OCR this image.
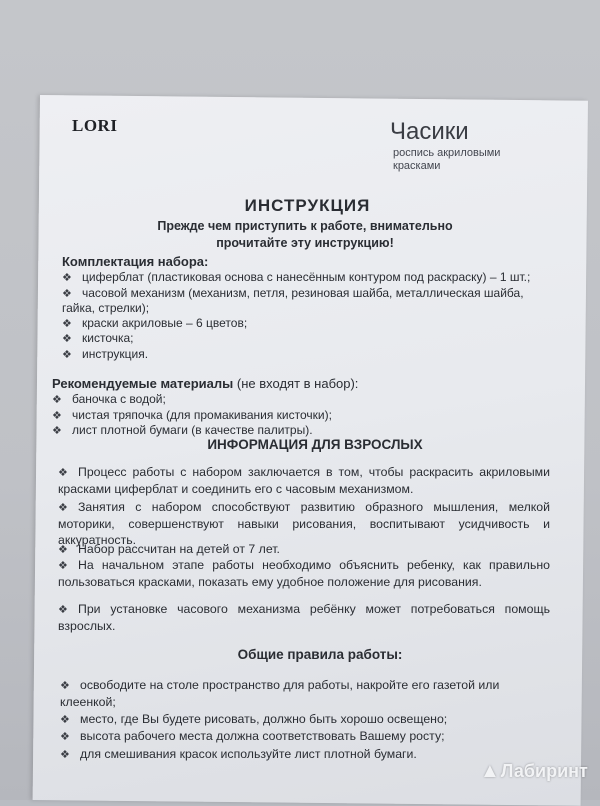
LORI	Часики
роспись акриловыми красками
ИНСТРУКЦИЯ
Прежде чем приступить к работе, внимательно прочитайте эту инструкцию!
Комплектация набора:
❖ циферблат (пластиковая основа с нанесённым контуром под раскраску) – 1 шт.;
❖ часовой механизм (механизм, петля, резиновая шайба, металлическая шайба, гайка, стрелки);
❖ краски акриловые – 6 цветов;
❖ кисточка;
❖ инструкция.
Рекомендуемые материалы (не входят в набор):
❖ баночка с водой;
❖ чистая тряпочка (для промакивания кисточки);
❖ лист плотной бумаги (в качестве палитры).
ИНФОРМАЦИЯ ДЛЯ ВЗРОСЛЫХ

❖ Процесс работы с набором заключается в том, чтобы раскрасить акриловыми красками циферблат и соединить его с часовым механизмом.

❖ Занятия с набором способствуют развитию образного мышления, мелкой моторики, совершенствуют навыки рисования, воспитывают усидчивость и аккуратность.

❖ Набор рассчитан на детей от 7 лет.

❖ На начальном этапе работы необходимо объяснить ребенку, как правильно пользоваться красками, показать ему удобное положение для рисования.

❖ При установке часового механизма ребёнку может потребоваться помощь взрослых.

Общие правила работы:
❖ освободите на столе пространство для работы, накройте его газетой или клеенкой;
❖ место, где Вы будете рисовать, должно быть хорошо освещено;
❖ высота рабочего места должна соответствовать Вашему росту;
❖ для смешивания красок используйте лист плотной бумаги.
▲Лабиринт
